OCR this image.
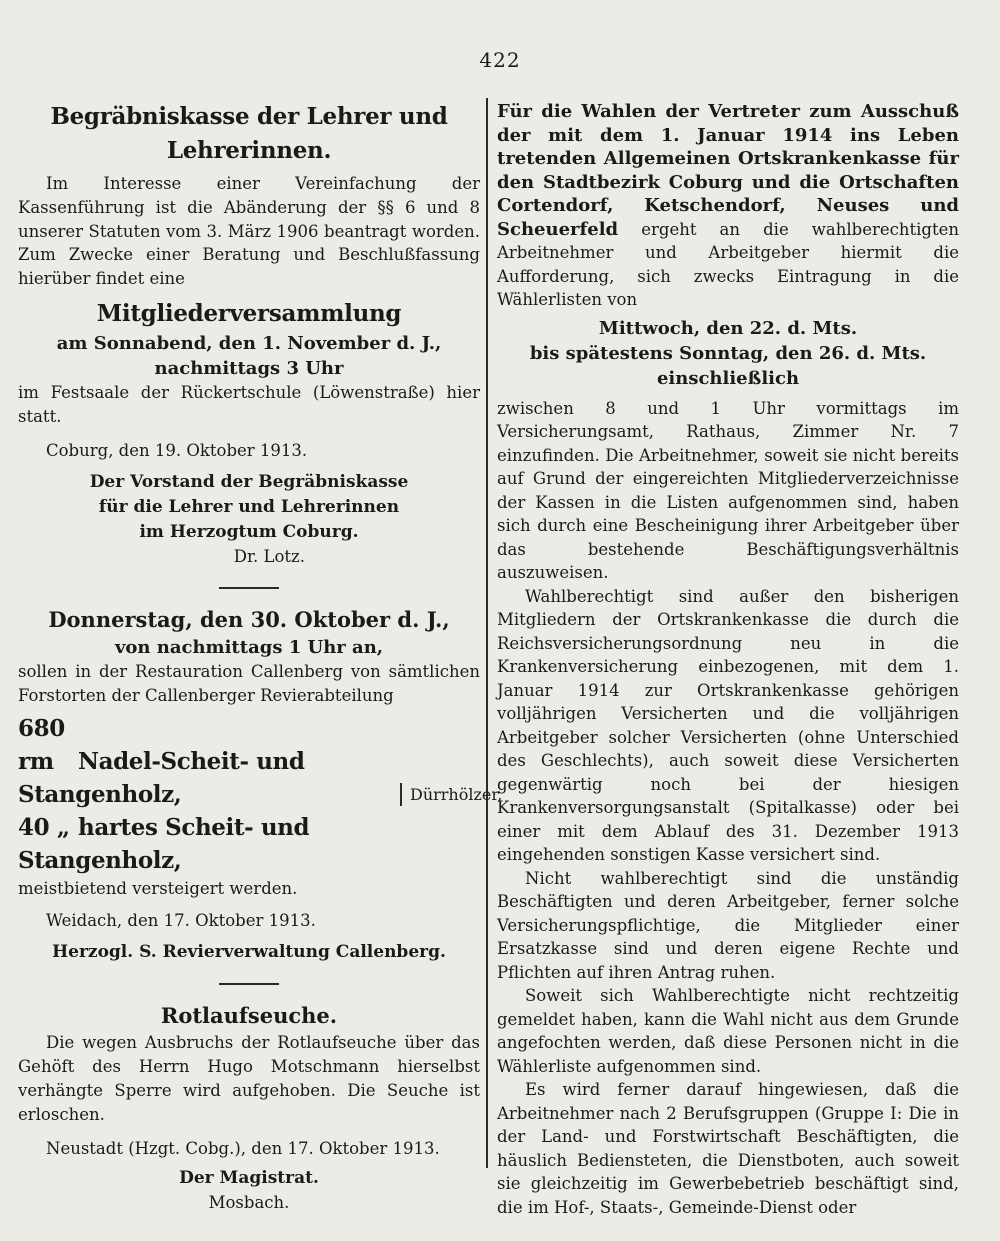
422

Begräbniskasse der Lehrer und Lehrerinnen.

Im Interesse einer Vereinfachung der Kassenführung ist die Abänderung der §§ 6 und 8 unserer Statuten vom 3. März 1906 beantragt worden. Zum Zwecke einer Beratung und Beschlußfassung hierüber findet eine

Mitgliederversammlung

am Sonnabend, den 1. November d. J.,

nachmittags 3 Uhr

im Festsaale der Rückertschule (Löwenstraße) hier statt.

Coburg, den 19. Oktober 1913.

Der Vorstand der Begräbniskasse

für die Lehrer und Lehrerinnen

im Herzogtum Coburg.

Dr. Lotz.

Donnerstag, den 30. Oktober d. J.,

von nachmittags 1 Uhr an,

sollen in der Restauration Callenberg von sämtlichen Forstorten der Callenberger Revierabteilung

680 rm Nadel-Scheit- und Stangenholz,

40 „ hartes Scheit- und Stangenholz,

Dürrhölzer,

meistbietend versteigert werden.

Weidach, den 17. Oktober 1913.

Herzogl. S. Revierverwaltung Callenberg.

Rotlaufseuche.

Die wegen Ausbruchs der Rotlaufseuche über das Gehöft des Herrn Hugo Motschmann hierselbst verhängte Sperre wird aufgehoben. Die Seuche ist erloschen.

Neustadt (Hzgt. Cobg.), den 17. Oktober 1913.

Der Magistrat.

Mosbach.

Für die Wahlen der Vertreter zum Ausschuß der mit dem 1. Januar 1914 ins Leben tretenden Allgemeinen Ortskrankenkasse für den Stadtbezirk Coburg und die Ortschaften Cortendorf, Ketschendorf, Neuses und Scheuerfeld ergeht an die wahlberechtigten Arbeitnehmer und Arbeitgeber hiermit die Aufforderung, sich zwecks Eintragung in die Wählerlisten von

Mittwoch, den 22. d. Mts.

bis spätestens Sonntag, den 26. d. Mts.

einschließlich

zwischen 8 und 1 Uhr vormittags im Versicherungsamt, Rathaus, Zimmer Nr. 7 einzufinden. Die Arbeitnehmer, soweit sie nicht bereits auf Grund der eingereichten Mitgliederverzeichnisse der Kassen in die Listen aufgenommen sind, haben sich durch eine Bescheinigung ihrer Arbeitgeber über das bestehende Beschäftigungsverhältnis auszuweisen.

Wahlberechtigt sind außer den bisherigen Mitgliedern der Ortskrankenkasse die durch die Reichsversicherungsordnung neu in die Krankenversicherung einbezogenen, mit dem 1. Januar 1914 zur Ortskrankenkasse gehörigen volljährigen Versicherten und die volljährigen Arbeitgeber solcher Versicherten (ohne Unterschied des Geschlechts), auch soweit diese Versicherten gegenwärtig noch bei der hiesigen Krankenversorgungsanstalt (Spitalkasse) oder bei einer mit dem Ablauf des 31. Dezember 1913 eingehenden sonstigen Kasse versichert sind.

Nicht wahlberechtigt sind die unständig Beschäftigten und deren Arbeitgeber, ferner solche Versicherungspflichtige, die Mitglieder einer Ersatzkasse sind und deren eigene Rechte und Pflichten auf ihren Antrag ruhen.

Soweit sich Wahlberechtigte nicht rechtzeitig gemeldet haben, kann die Wahl nicht aus dem Grunde angefochten werden, daß diese Personen nicht in die Wählerliste aufgenommen sind.

Es wird ferner darauf hingewiesen, daß die Arbeitnehmer nach 2 Berufsgruppen (Gruppe I: Die in der Land- und Forstwirtschaft Beschäftigten, die häuslich Bediensteten, die Dienstboten, auch soweit sie gleichzeitig im Gewerbebetrieb beschäftigt sind, die im Hof-, Staats-, Gemeinde-Dienst oder
